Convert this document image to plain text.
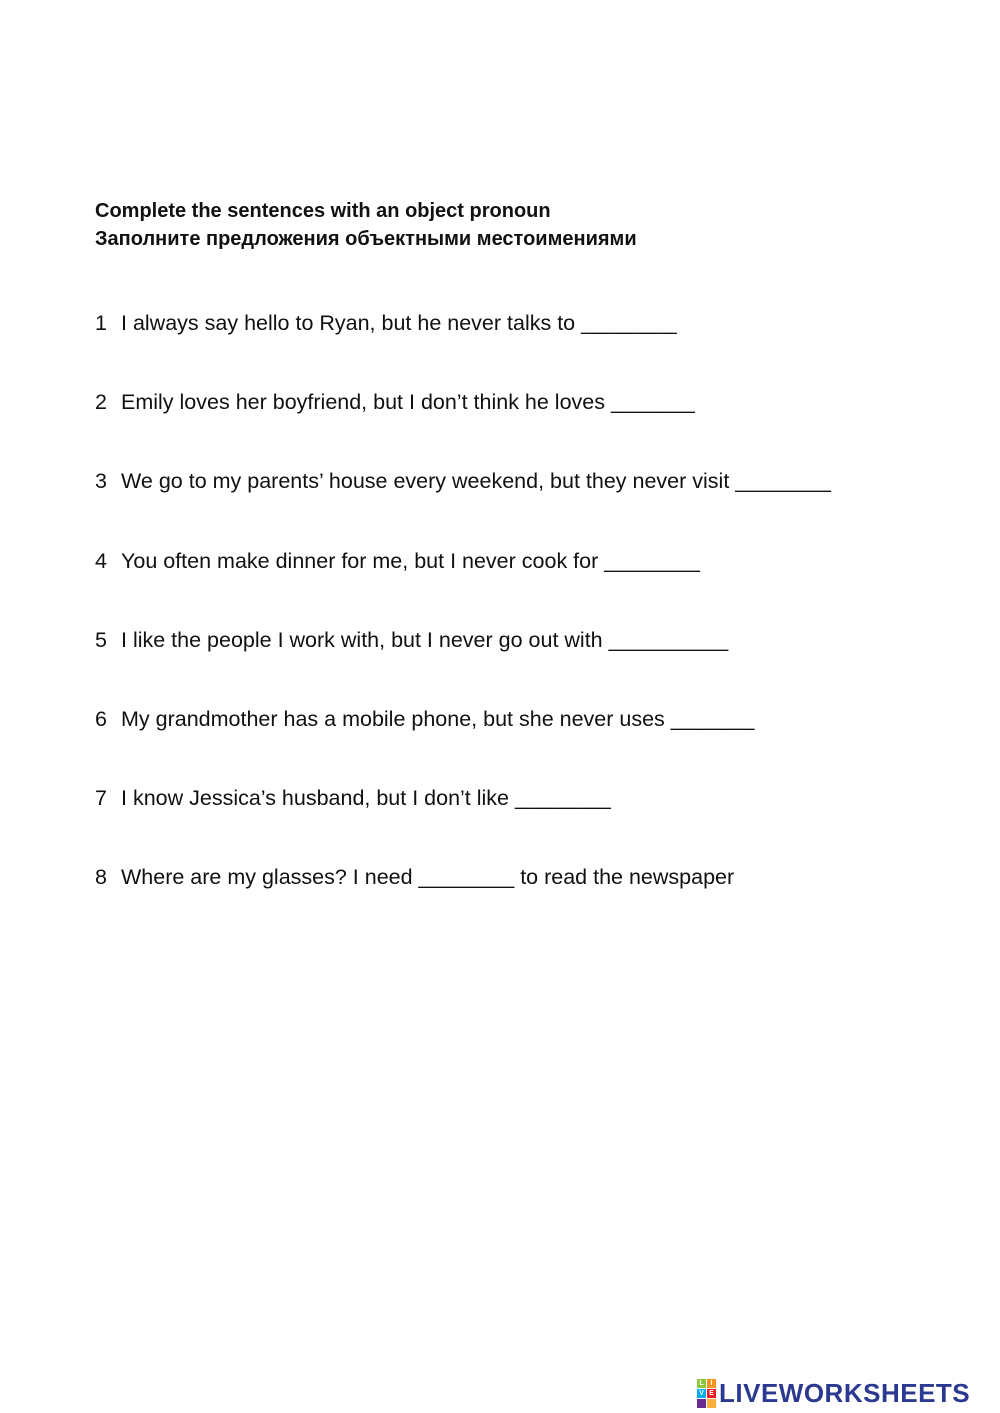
Complete the sentences with an object pronoun
Заполните предложения объектными местоимениями
1 I always say hello to Ryan, but he never talks to ________
2 Emily loves her boyfriend, but I don’t think he loves _______
3 We go to my parents’ house every weekend, but they never visit ________
4 You often make dinner for me, but I never cook for ________
5 I like the people I work with, but I never go out with __________
6 My grandmother has a mobile phone, but she never uses _______
7 I know Jessica’s husband, but I don’t like ________
8 Where are my glasses? I need ________ to read the newspaper
L I
V E LIVEWORKSHEETS
